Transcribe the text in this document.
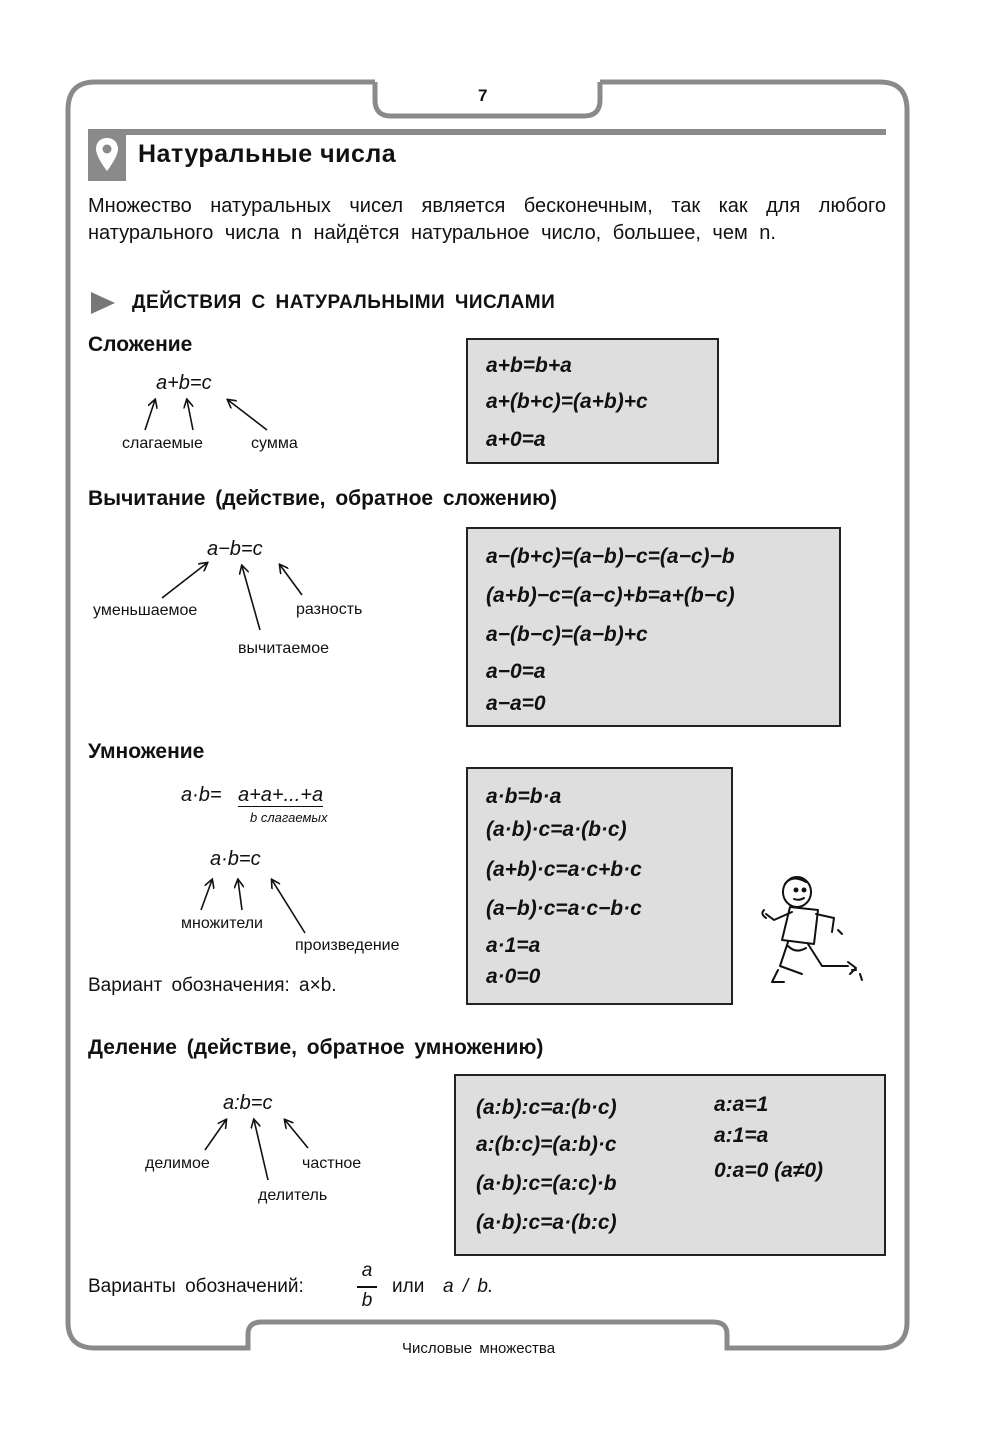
7
Натуральные числа
Множество натуральных чисел является бесконечным, так как для любого натурального числа n найдётся натуральное число, большее, чем n.
ДЕЙСТВИЯ С НАТУРАЛЬНЫМИ ЧИСЛАМИ
Сложение
a+b=c
слагаемые	сумма
a+b=b+a
a+(b+c)=(a+b)+c
a+0=a
Вычитание (действие, обратное сложению)
a−b=c
уменьшаемое
вычитаемое
разность
a−(b+c)=(a−b)−c=(a−c)−b
(a+b)−c=(a−c)+b=a+(b−c)
a−(b−c)=(a−b)+c
a−0=a
a−a=0
Умножение
a·b= a+a+...+a
b слагаемых
a·b=c
множители
произведение
Вариант обозначения: a×b.
a·b=b·a
(a·b)·c=a·(b·c)
(a+b)·c=a·c+b·c
(a−b)·c=a·c−b·c
a·1=a
a·0=0
Деление (действие, обратное умножению)
a:b=c
делимое
делитель
частное
(a:b):c=a:(b·c)
a:(b:c)=(a:b)·c
(a·b):c=(a:c)·b
(a·b):c=a·(b:c)
a:a=1
a:1=a
0:a=0 (a≠0)
Варианты обозначений:
a
b
или a / b.
Числовые множества
